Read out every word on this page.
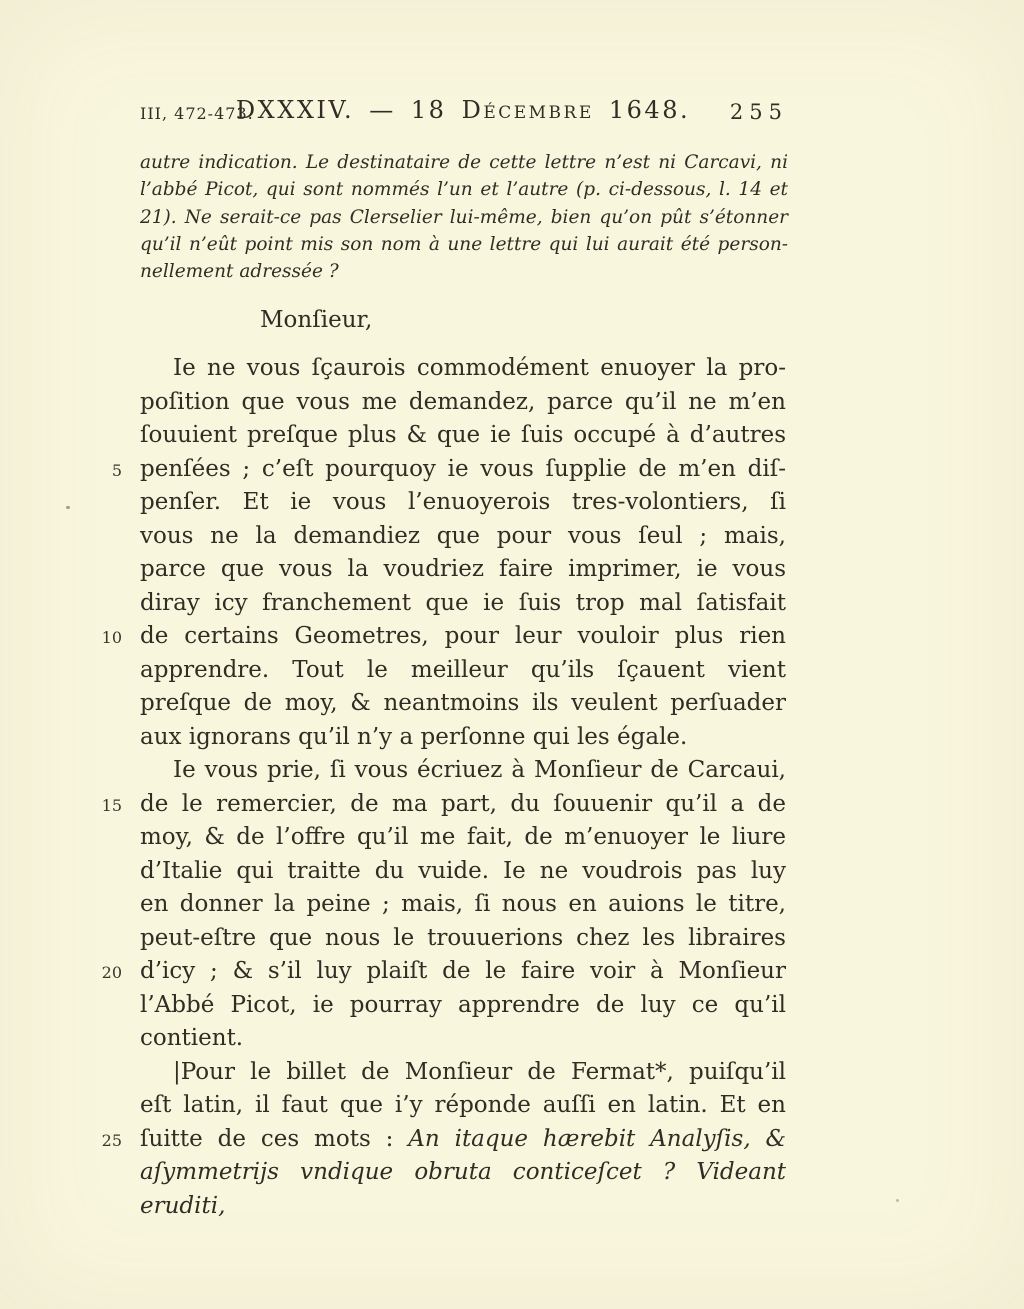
III, 472-473.
DXXXIV. — 18 Décembre 1648.	255
autre indication. Le destinataire de cette lettre n’est ni Carcavi, ni
l’abbé Picot, qui sont nommés l’un et l’autre (p. ci-dessous, l. 14 et
21). Ne serait-ce pas Clerselier lui-même, bien qu’on pût s’étonner
qu’il n’eût point mis son nom à une lettre qui lui aurait été person-
nellement adressée ?
Monſieur,
Ie ne vous ſçaurois commodément enuoyer la pro-
poſition que vous me demandez, parce qu’il ne m’en
ſouuient preſque plus & que ie ſuis occupé à d’autres
5 penſées ; c’eſt pourquoy ie vous ſupplie de m’en diſ-
penſer. Et ie vous l’enuoyerois tres-volontiers, ſi
vous ne la demandiez que pour vous ſeul ; mais,
parce que vous la voudriez faire imprimer, ie vous
diray icy franchement que ie ſuis trop mal ſatisfait
10 de certains Geometres, pour leur vouloir plus rien
apprendre. Tout le meilleur qu’ils ſçauent vient
preſque de moy, & neantmoins ils veulent perſuader
aux ignorans qu’il n’y a perſonne qui les égale.
Ie vous prie, ſi vous écriuez à Monſieur de Carcaui,
15 de le remercier, de ma part, du ſouuenir qu’il a de
moy, & de l’offre qu’il me fait, de m’enuoyer le liure
d’Italie qui traitte du vuide. Ie ne voudrois pas luy
en donner la peine ; mais, ſi nous en auions le titre,
peut-eſtre que nous le trouuerions chez les libraires
20 d’icy ; & s’il luy plaiſt de le faire voir à Monſieur
l’Abbé Picot, ie pourray apprendre de luy ce qu’il
contient.
|Pour le billet de Monſieur de Fermat*, puiſqu’il
eſt latin, il faut que i’y réponde auſſi en latin. Et en
25 ſuitte de ces mots : An itaque hærebit Analyſis, &
aſymmetrijs vndique obruta conticeſcet ? Videant eruditi,
